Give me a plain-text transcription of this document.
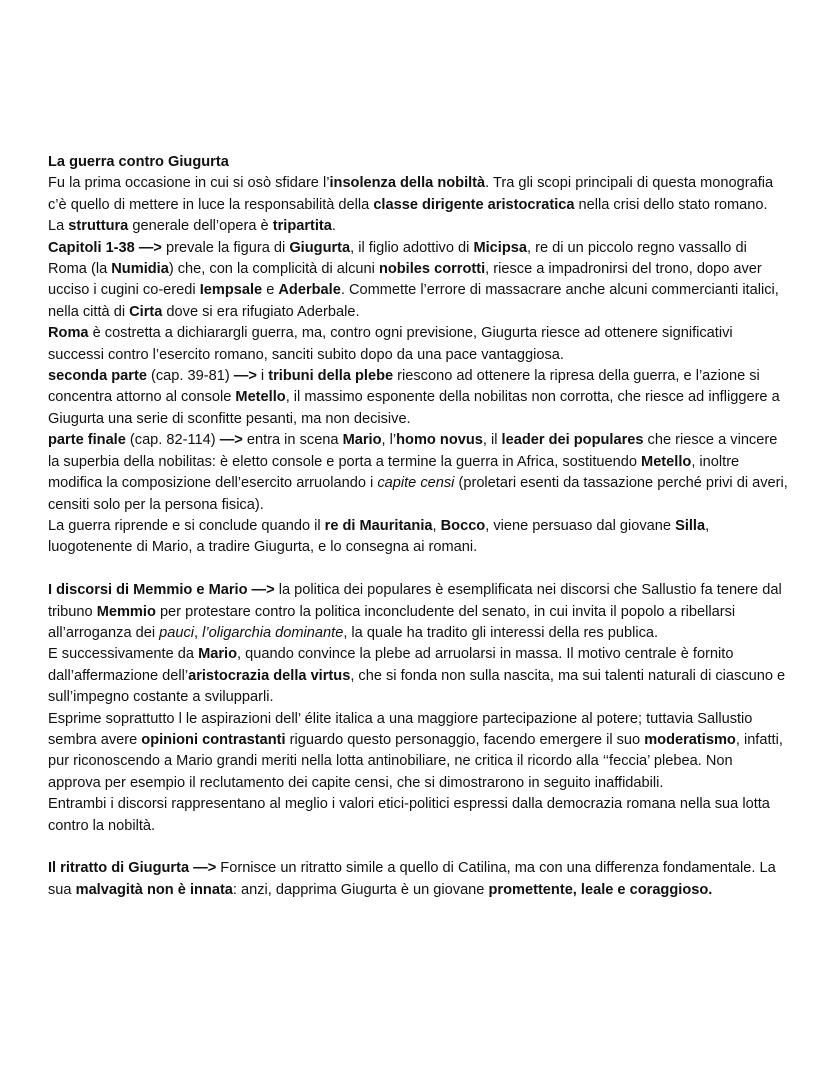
La guerra contro Giugurta
Fu la prima occasione in cui si osò sfidare l’insolenza della nobiltà. Tra gli scopi principali di questa monografia c’è quello di mettere in luce la responsabilità della classe dirigente aristocratica nella crisi dello stato romano.
La struttura generale dell’opera è tripartita.
Capitoli 1-38 —> prevale la figura di Giugurta, il figlio adottivo di Micipsa, re di un piccolo regno vassallo di Roma (la Numidia) che, con la complicità di alcuni nobiles corrotti, riesce a impadronirsi del trono, dopo aver ucciso i cugini co-eredi Iempsale e Aderbale. Commette l’errore di massacrare anche alcuni commercianti italici, nella città di Cirta dove si era rifugiato Aderbale.
Roma è costretta a dichiarargli guerra, ma, contro ogni previsione, Giugurta riesce ad ottenere significativi successi contro l’esercito romano, sanciti subito dopo da una pace vantaggiosa.
seconda parte (cap. 39-81) —> i tribuni della plebe riescono ad ottenere la ripresa della guerra, e l’azione si concentra attorno al console Metello, il massimo esponente della nobilitas non corrotta, che riesce ad infliggere a Giugurta una serie di sconfitte pesanti, ma non decisive.
parte finale (cap. 82-114) —> entra in scena Mario, l’homo novus, il leader dei populares che riesce a vincere la superbia della nobilitas: è eletto console e porta a termine la guerra in Africa, sostituendo Metello, inoltre modifica la composizione dell’esercito arruolando i capite censi (proletari esenti da tassazione perché privi di averi, censiti solo per la persona fisica).
La guerra riprende e si conclude quando il re di Mauritania, Bocco, viene persuaso dal giovane Silla, luogotenente di Mario, a tradire Giugurta, e lo consegna ai romani.
I discorsi di Memmio e Mario —> la politica dei populares è esemplificata nei discorsi che Sallustio fa tenere dal tribuno Memmio per protestare contro la politica inconcludente del senato, in cui invita il popolo a ribellarsi all’arroganza dei pauci, l’oligarchia dominante, la quale ha tradito gli interessi della res publica.
E successivamente da Mario, quando convince la plebe ad arruolarsi in massa. Il motivo centrale è fornito dall’affermazione dell’aristocrazia della virtus, che si fonda non sulla nascita, ma sui talenti naturali di ciascuno e sull’impegno costante a svilupparli.
Esprime soprattutto l le aspirazioni dell’ élite italica a una maggiore partecipazione al potere; tuttavia Sallustio sembra avere opinioni contrastanti riguardo questo personaggio, facendo emergere il suo moderatismo, infatti, pur riconoscendo a Mario grandi meriti nella lotta antinobiliare, ne critica il ricordo alla ‘‘feccia’ plebea. Non approva per esempio il reclutamento dei capite censi, che si dimostrarono in seguito inaffidabili.
Entrambi i discorsi rappresentano al meglio i valori etici-politici espressi dalla democrazia romana nella sua lotta contro la nobiltà.
Il ritratto di Giugurta —> Fornisce un ritratto simile a quello di Catilina, ma con una differenza fondamentale. La sua malvagità non è innata: anzi, dapprima Giugurta è un giovane promettente, leale e coraggioso.
